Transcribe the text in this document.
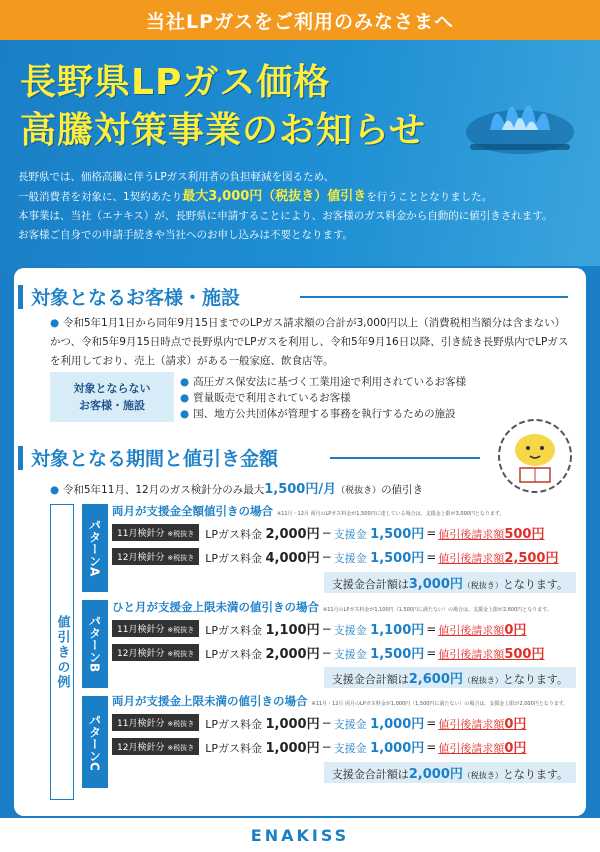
当社LPガスをご利用のみなさまへ
長野県LPガス価格
高騰対策事業のお知らせ
長野県では、価格高騰に伴うLPガス利用者の負担軽減を図るため、
一般消費者を対象に、1契約あたり最大3,000円（税抜き）値引きを行うこととなりました。
本事業は、当社（エナキス）が、長野県に申請することにより、お客様のガス料金から自動的に値引きされます。
お客様ご自身での申請手続きや当社へのお申し込みは不要となります。
対象となるお客様・施設
● 令和5年1月1日から同年9月15日までのLPガス請求額の合計が3,000円以上（消費税相当額分は含まない）かつ、令和5年9月15日時点で長野県内でLPガスを利用し、令和5年9月16日以降、引き続き長野県内でLPガスを利用しており、売上（請求）がある一般家庭、飲食店等。
対象とならない
お客様・施設
● 高圧ガス保安法に基づく工業用途で利用されているお客様
● 質量販売で利用されているお客様
● 国、地方公共団体が管理する事務を執行するための施設
対象となる期間と値引き金額
● 令和5年11月、12月のガス検針分のみ最大1,500円/月（税抜き）の値引き
値引きの例
パターンA
両月が支援金全額値引きの場合 ※11月・12月 両月のLPガス料金が1,500円に達している場合は、支援金上限が3,000円となります。
11月検針分 ※税抜き	LPガス料金 2,000円 − 支援金 1,500円 = 値引後請求額500円
12月検針分 ※税抜き	LPガス料金 4,000円 − 支援金 1,500円 = 値引後請求額2,500円
支援金合計額は3,000円（税抜き）となります。
パターンB
ひと月が支援金上限未満の値引きの場合 ※11月のLPガス料金が1,100円（1,500円に満たない）の場合は、支援金上限が2,600円となります。
11月検針分 ※税抜き	LPガス料金 1,100円 − 支援金 1,100円 = 値引後請求額0円
12月検針分 ※税抜き	LPガス料金 2,000円 − 支援金 1,500円 = 値引後請求額500円
支援金合計額は2,600円（税抜き）となります。
パターンC
両月が支援金上限未満の値引きの場合 ※11月・12月 両月のLPガス料金が1,000円（1,500円に満たない）の場合は、支援金上限が2,000円となります。
11月検針分 ※税抜き	LPガス料金 1,000円 − 支援金 1,000円 = 値引後請求額0円
12月検針分 ※税抜き	LPガス料金 1,000円 − 支援金 1,000円 = 値引後請求額0円
支援金合計額は2,000円（税抜き）となります。
ENAKISS
